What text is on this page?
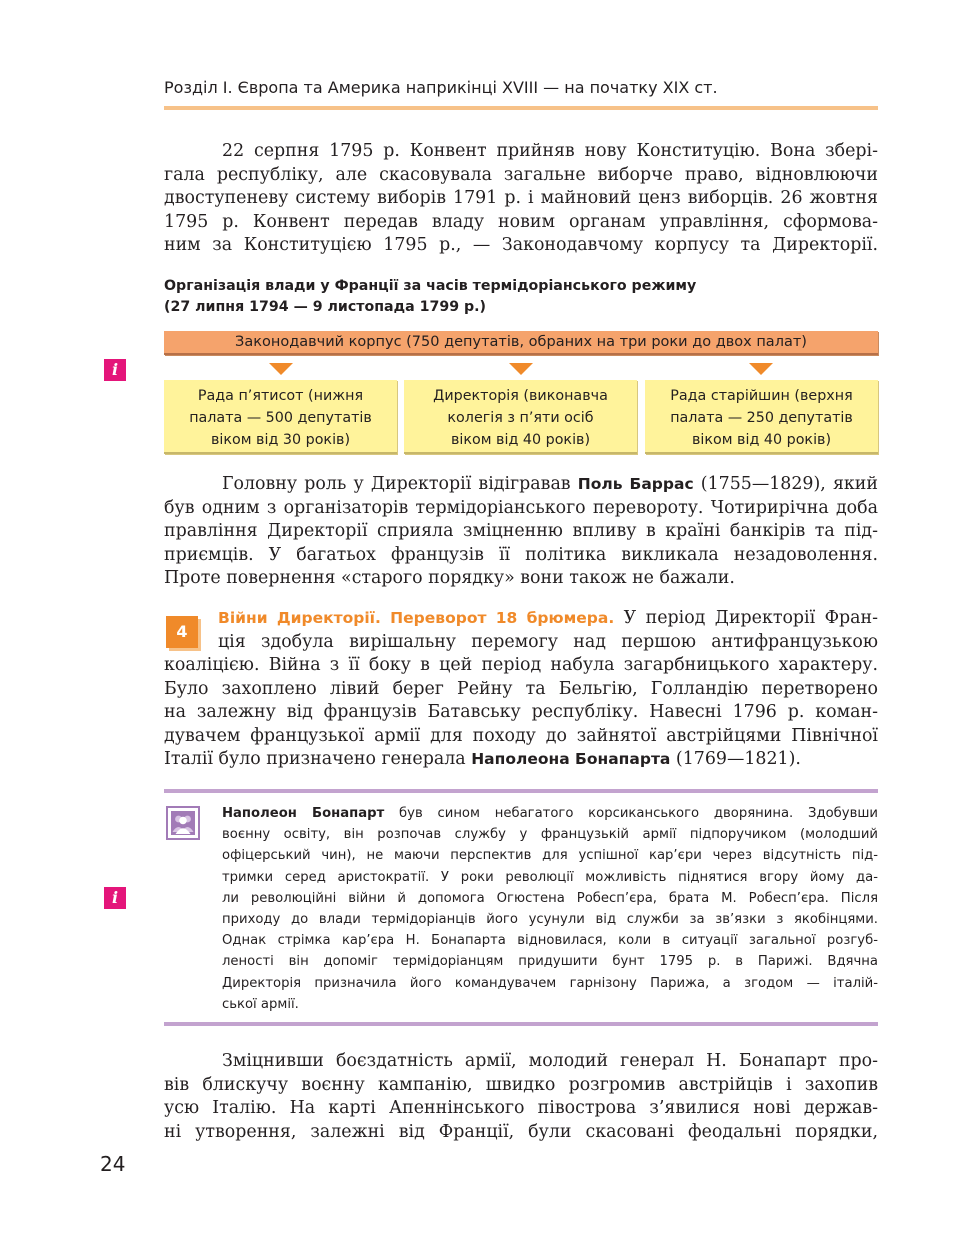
Розділ І. Європа та Америка наприкінці XVIII — на початку XIX ст.
22 серпня 1795 р. Конвент прийняв нову Конституцію. Вона збері-
гала республіку, але скасовувала загальне виборче право, відновлюючи
двоступеневу систему виборів 1791 р. і майновий ценз виборців. 26 жовтня
1795 р. Конвент передав владу новим органам управління, сформова-
ним за Конституцією 1795 р., — Законодавчому корпусу та Директорії.
Організація влади у Франції за часів термідоріанського режиму
(27 липня 1794 — 9 листопада 1799 р.)
i
Законодавчий корпус (750 депутатів, обраних на три роки до двох палат)
Рада п’ятисот (нижня
палата — 500 депутатів
віком від 30 років)
Директорія (виконавча
колегія з п’яти осіб
віком від 40 років)
Рада старійшин (верхня
палата — 250 депутатів
віком від 40 років)
Головну роль у Директорії відігравав Поль Баррас (1755—1829), який
був одним з організаторів термідоріанського перевороту. Чотирирічна доба
правління Директорії сприяла зміцненню впливу в країні банкірів та під-
приємців. У багатьох французів її політика викликала незадоволення.
Проте повернення «старого порядку» вони також не бажали.
4
Війни Директорії. Переворот 18 брюмера. У період Директорії Фран-
ція здобула вирішальну перемогу над першою антифранцузькою
коаліцією. Війна з її боку в цей період набула загарбницького характеру.
Було захоплено лівий берег Рейну та Бельгію, Голландію перетворено
на залежну від французів Батавську республіку. Навесні 1796 р. коман-
дувачем французької армії для походу до зайнятої австрійцями Північної
Італії було призначено генерала Наполеона Бонапарта (1769—1821).
i
Наполеон Бонапарт був сином небагатого корсиканського дворянина. Здобувши
воєнну освіту, він розпочав службу у французькій армії підпоручиком (молодший
офіцерський чин), не маючи перспектив для успішної кар’єри через відсутність під-
тримки серед аристократії. У роки революції можливість піднятися вгору йому да-
ли революційні війни й допомога Огюстена Робесп’єра, брата М. Робесп’єра. Після
приходу до влади термідоріанців його усунули від служби за зв’язки з якобінцями.
Однак стрімка кар’єра Н. Бонапарта відновилася, коли в ситуації загальної розгуб-
леності він допоміг термідоріанцям придушити бунт 1795 р. в Парижі. Вдячна
Директорія призначила його командувачем гарнізону Парижа, а згодом — італій-
ської армії.
Зміцнивши боєздатність армії, молодий генерал Н. Бонапарт про-
вів блискучу воєнну кампанію, швидко розгромив австрійців і захопив
усю Італію. На карті Апеннінського півострова з’явилися нові держав-
ні утворення, залежні від Франції, були скасовані феодальні порядки,
24
